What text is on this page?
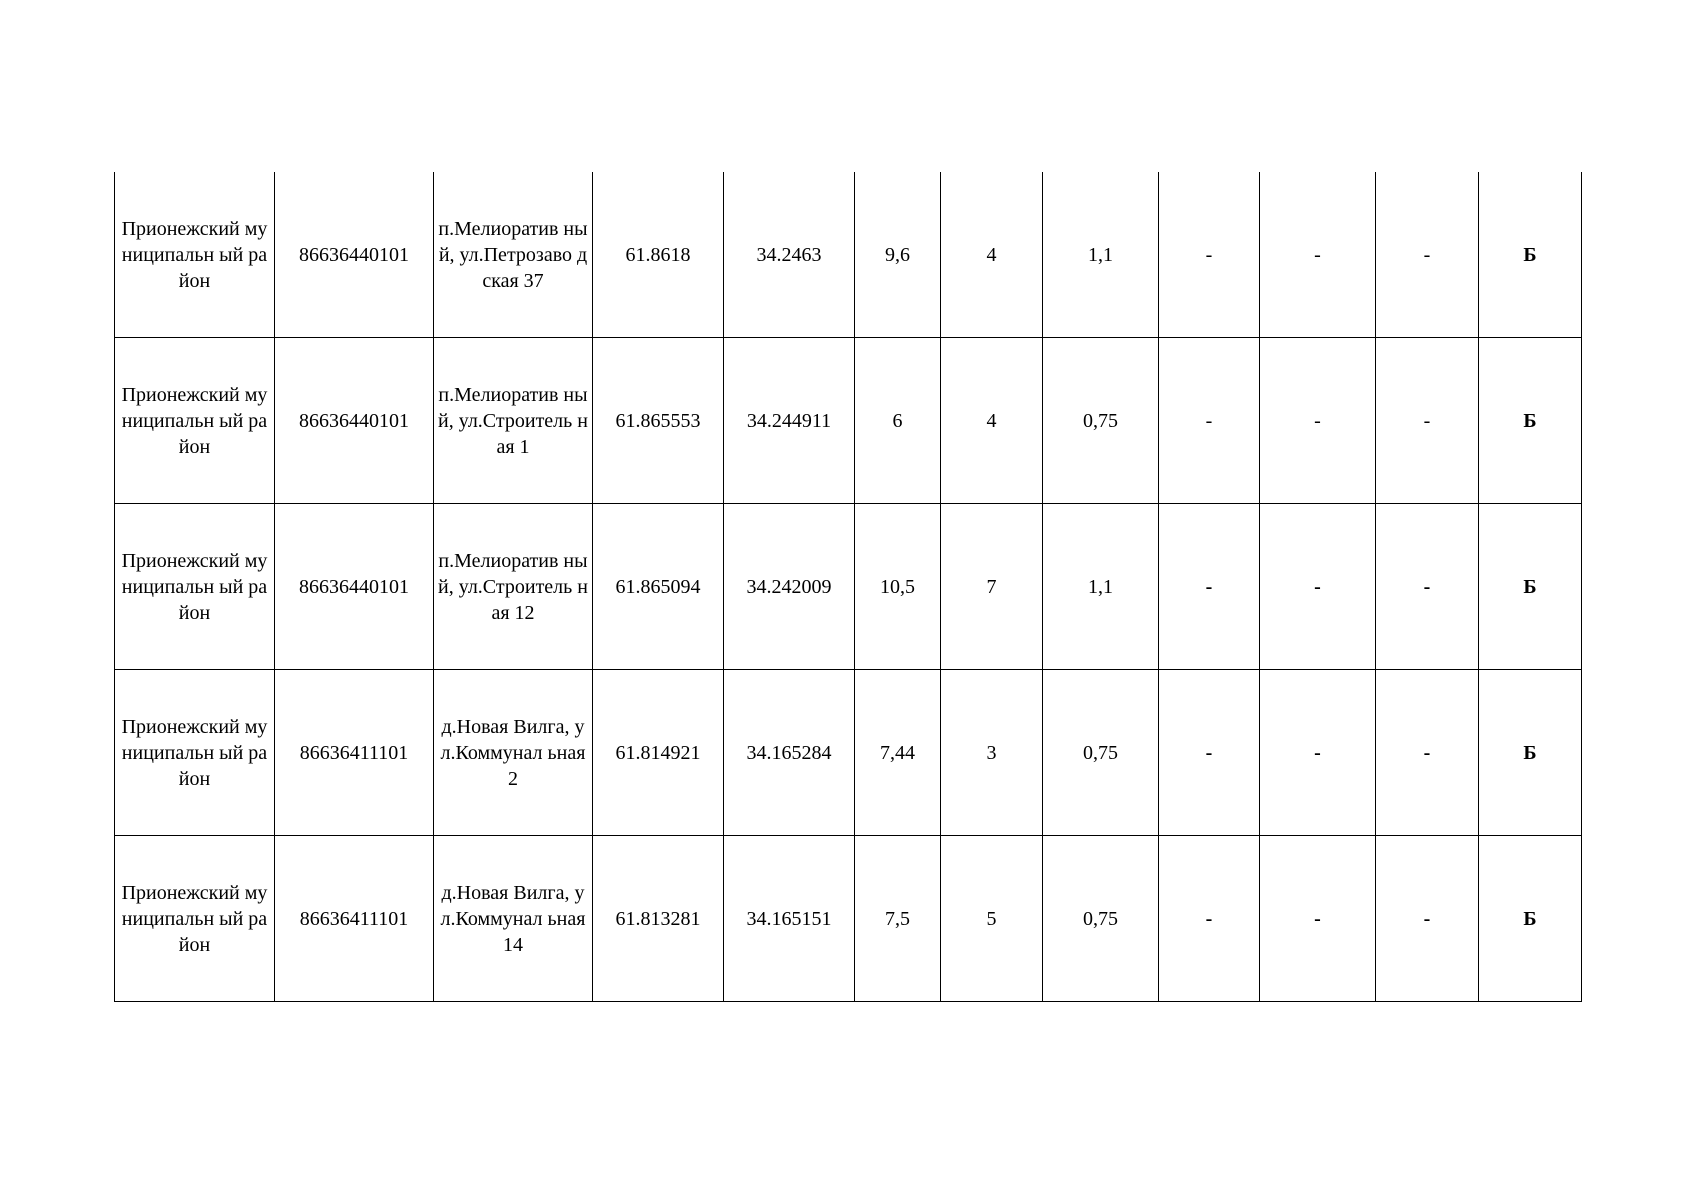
Прионежский муниципальн ый район	86636440101	п.Мелиоратив ный, ул.Петрозаво дская 37	61.8618	34.2463	9,6	4	1,1	-	-	-	Б
Прионежский муниципальн ый район	86636440101	п.Мелиоратив ный, ул.Строитель ная 1	61.865553	34.244911	6	4	0,75	-	-	-	Б
Прионежский муниципальн ый район	86636440101	п.Мелиоратив ный, ул.Строитель ная 12	61.865094	34.242009	10,5	7	1,1	-	-	-	Б
Прионежский муниципальн ый район	86636411101	д.Новая Вилга, ул.Коммунал ьная 2	61.814921	34.165284	7,44	3	0,75	-	-	-	Б
Прионежский муниципальн ый район	86636411101	д.Новая Вилга, ул.Коммунал ьная 14	61.813281	34.165151	7,5	5	0,75	-	-	-	Б
